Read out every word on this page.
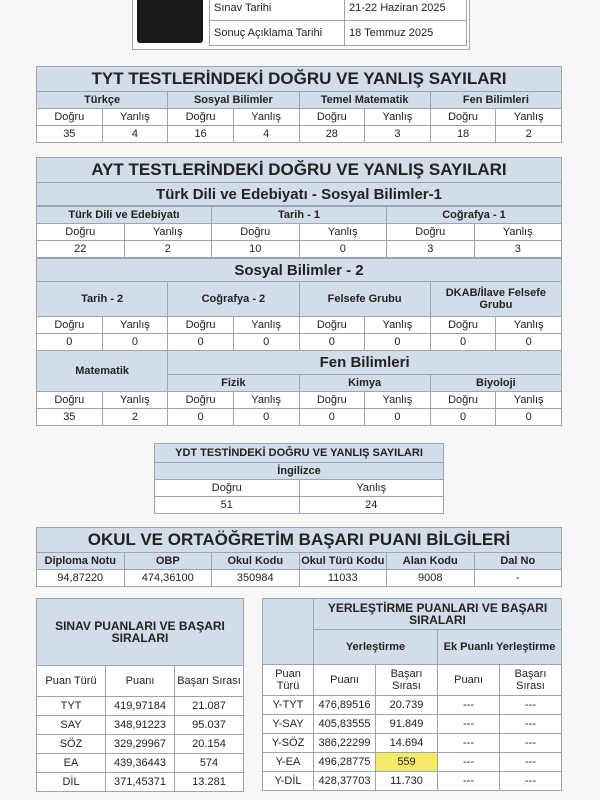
Sınav Tarihi	21-22 Haziran 2025
Sonuç Açıklama Tarihi	18 Temmuz 2025
TYT TESTLERİNDEKİ DOĞRU VE YANLIŞ SAYILARI							
Türkçe		Sosyal Bilimler		Temel Matematik		Fen Bilimleri	
Doğru	Yanlış	Doğru	Yanlış	Doğru	Yanlış	Doğru	Yanlış
35	4	16	4	28	3	18	2
AYT TESTLERİNDEKİ DOĞRU VE YANLIŞ SAYILARI
Türk Dili ve Edebiyatı - Sosyal Bilimler-1
Türk Dili ve Edebiyatı		Tarih - 1		Coğrafya - 1	
Doğru	Yanlış	Doğru	Yanlış	Doğru	Yanlış
22	2	10	0	3	3
Sosyal Bilimler - 2							
Tarih - 2		Coğrafya - 2		Felsefe Grubu		DKAB/İlave Felsefe Grubu	
Doğru	Yanlış	Doğru	Yanlış	Doğru	Yanlış	Doğru	Yanlış
0	0	0	0	0	0	0	0
Matematik		Fen Bilimleri					
		Fizik		Kimya		Biyoloji	
Doğru	Yanlış	Doğru	Yanlış	Doğru	Yanlış	Doğru	Yanlış
35	2	0	0	0	0	0	0
YDT TESTİNDEKİ DOĞRU VE YANLIŞ SAYILARI	
İngilizce	
Doğru	Yanlış
51	24
OKUL VE ORTAÖĞRETİM BAŞARI PUANI BİLGİLERİ					
Diploma Notu	OBP	Okul Kodu	Okul Türü Kodu	Alan Kodu	Dal No
94,87220	474,36100	350984	11033	9008	-
SINAV PUANLARI VE BAŞARI SIRALARI		
Puan Türü	Puanı	Başarı Sırası
TYT	419,97184	21.087
SAY	348,91223	95.037
SÖZ	329,29967	20.154
EA	439,36443	574
DİL	371,45371	13.281
	YERLEŞTİRME PUANLARI VE BAŞARI SIRALARI			
	Yerleştirme		Ek Puanlı Yerleştirme	
Puan Türü	Puanı	Başarı Sırası	Puanı	Başarı Sırası
Y-TYT	476,89516	20.739	---	---
Y-SAY	405,83555	91.849	---	---
Y-SÖZ	386,22299	14.694	---	---
Y-EA	496,28775	559	---	---
Y-DİL	428,37703	11.730	---	---
